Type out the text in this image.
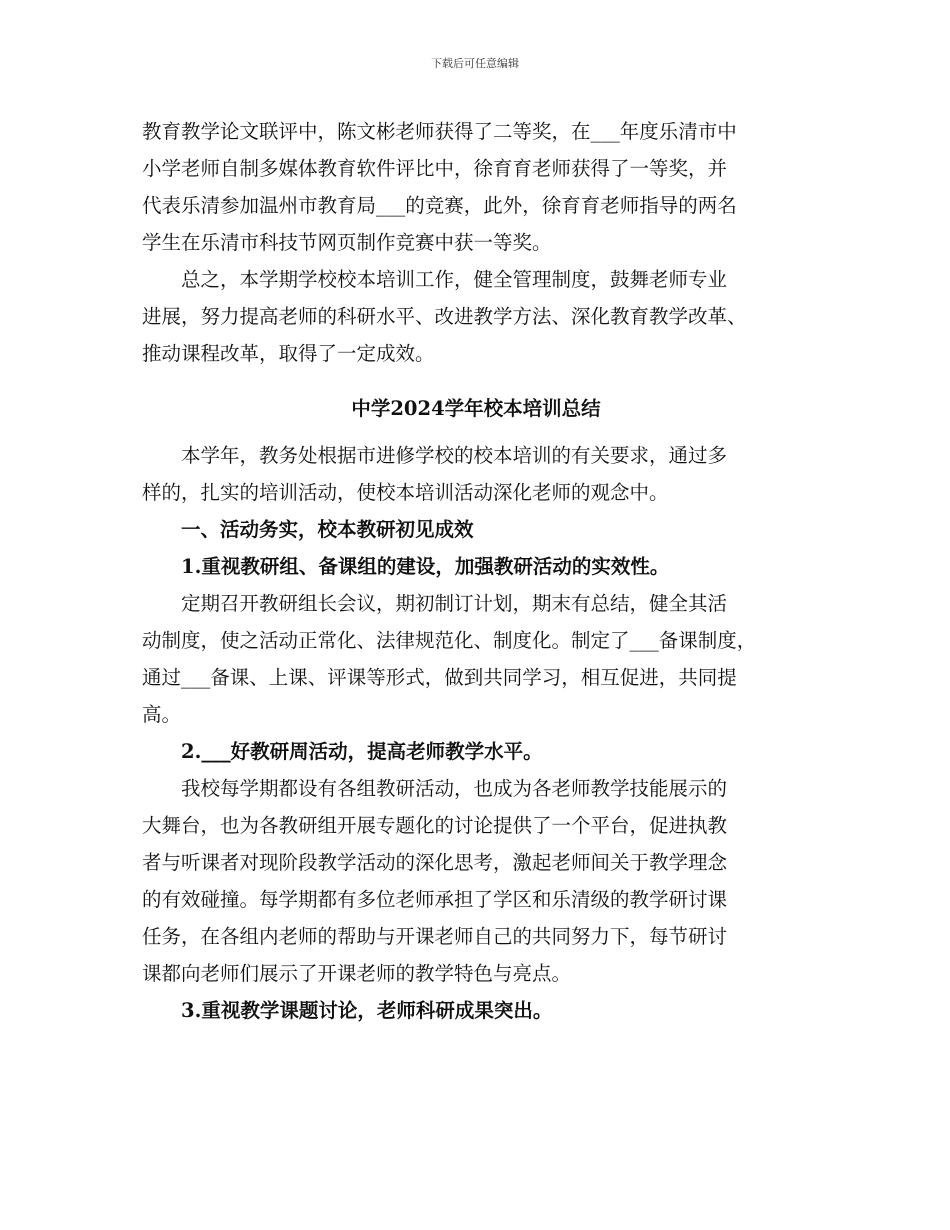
下载后可任意编辑
教育教学论文联评中，陈文彬老师获得了二等奖，在___年度乐清市中
小学老师自制多媒体教育软件评比中，徐育育老师获得了一等奖，并
代表乐清参加温州市教育局___的竞赛，此外，徐育育老师指导的两名
学生在乐清市科技节网页制作竞赛中获一等奖。
总之，本学期学校校本培训工作，健全管理制度，鼓舞老师专业
进展，努力提高老师的科研水平、改进教学方法、深化教育教学改革、
推动课程改革，取得了一定成效。
中学2024学年校本培训总结
本学年，教务处根据市进修学校的校本培训的有关要求，通过多
样的，扎实的培训活动，使校本培训活动深化老师的观念中。
一、活动务实，校本教研初见成效
1.重视教研组、备课组的建设，加强教研活动的实效性。
定期召开教研组长会议，期初制订计划，期末有总结，健全其活
动制度，使之活动正常化、法律规范化、制度化。制定了___备课制度，
通过___备课、上课、评课等形式，做到共同学习，相互促进，共同提
高。
2.___好教研周活动，提高老师教学水平。
我校每学期都设有各组教研活动，也成为各老师教学技能展示的
大舞台，也为各教研组开展专题化的讨论提供了一个平台，促进执教
者与听课者对现阶段教学活动的深化思考，激起老师间关于教学理念
的有效碰撞。每学期都有多位老师承担了学区和乐清级的教学研讨课
任务，在各组内老师的帮助与开课老师自己的共同努力下，每节研讨
课都向老师们展示了开课老师的教学特色与亮点。
3.重视教学课题讨论，老师科研成果突出。
